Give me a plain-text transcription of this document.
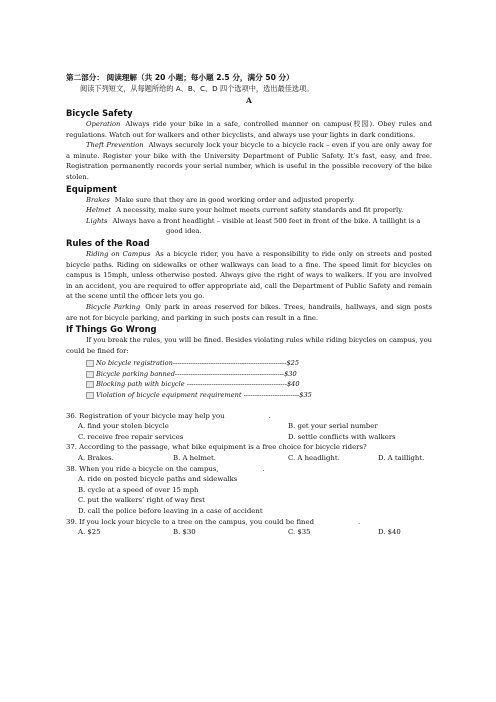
第二部分： 阅读理解（共 20 小题；每小题 2.5 分，满分 50 分）
阅读下列短文，从每题所给的 A、B、C、D 四个选项中，选出最佳选项。
A
Bicycle Safety
Operation Always ride your bike in a safe, controlled manner on campus(校园). Obey rules and regulations. Watch out for walkers and other bicyclists, and always use your lights in dark conditions.
Theft Prevention Always securely lock your bicycle to a bicycle rack – even if you are only away for a minute. Register your bike with the University Department of Public Safety. It’s fast, easy, and free. Registration permanently records your serial number, which is useful in the possible recovery of the bike stolen.
Equipment
Brakes Make sure that they are in good working order and adjusted properly.
Helmet A necessity, make sure your helmet meets current safety standards and fit properly.
Lights Always have a front headlight – visible at least 500 feet in front of the bike. A taillight is a
good idea.
Rules of the Road
Riding on Campus As a bicycle rider, you have a responsibility to ride only on streets and posted bicycle paths. Riding on sidewalks or other walkways can lead to a fine. The speed limit for bicycles on campus is 15mph, unless otherwise posted. Always give the right of ways to walkers. If you are involved in an accident, you are required to offer appropriate aid, call the Department of Public Safety and remain at the scene until the officer lets you go.
Bicycle Parking Only park in areas reserved for bikes. Trees, handrails, hallways, and sign posts are not for bicycle parking, and parking in such posts can result in a fine.
If Things Go Wrong
If you break the rules, you will be fined. Besides violating rules while riding bicycles on campus, you could be fined for:
No bicycle registration---------------------------------------------------$25
Bicycle parking banned-------------------------------------------------$30
Blocking path with bicycle ---------------------------------------------$40
Violation of bicycle equipment requirement -------------------------$35
36. Registration of your bicycle may help you	.
A. find your stolen bicycle	B. get your serial number
C. receive free repair services	D. settle conflicts with walkers
37. According to the passage, what bike equipment is a free choice for bicycle riders?
A. Brakes.	B. A helmet.	C. A headlight.	D. A taillight.
38. When you ride a bicycle on the campus,	.
A. ride on posted bicycle paths and sidewalks
B. cycle at a speed of over 15 mph
C. put the walkers’ right of way first
D. call the police before leaving in a case of accident
39. If you lock your bicycle to a tree on the campus, you could be fined	.
A. $25	B. $30	C. $35	D. $40
